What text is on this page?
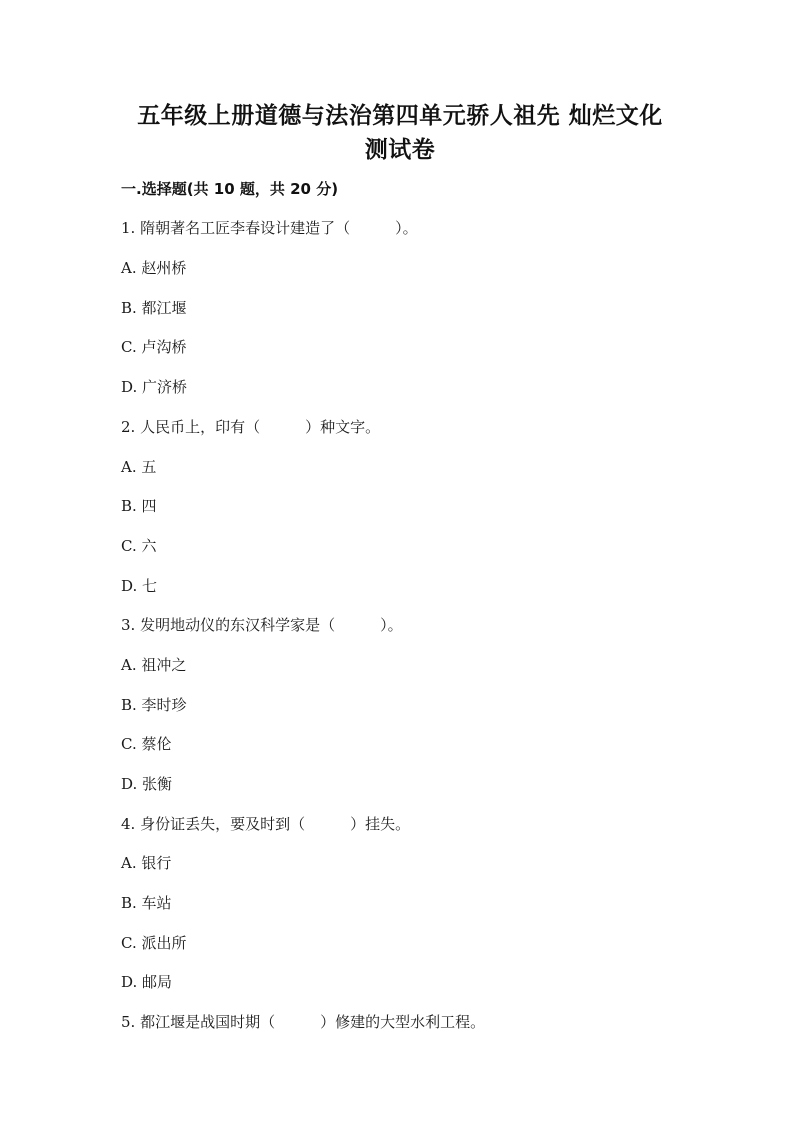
五年级上册道德与法治第四单元骄人祖先 灿烂文化
测试卷
一.选择题(共 10 题，共 20 分)
1. 隋朝著名工匠李春设计建造了（　　　）。
A. 赵州桥
B. 都江堰
C. 卢沟桥
D. 广济桥
2. 人民币上，印有（　　　）种文字。
A. 五
B. 四
C. 六
D. 七
3. 发明地动仪的东汉科学家是（　　　）。
A. 祖冲之
B. 李时珍
C. 蔡伦
D. 张衡
4. 身份证丢失，要及时到（　　　）挂失。
A. 银行
B. 车站
C. 派出所
D. 邮局
5. 都江堰是战国时期（　　　）修建的大型水利工程。
